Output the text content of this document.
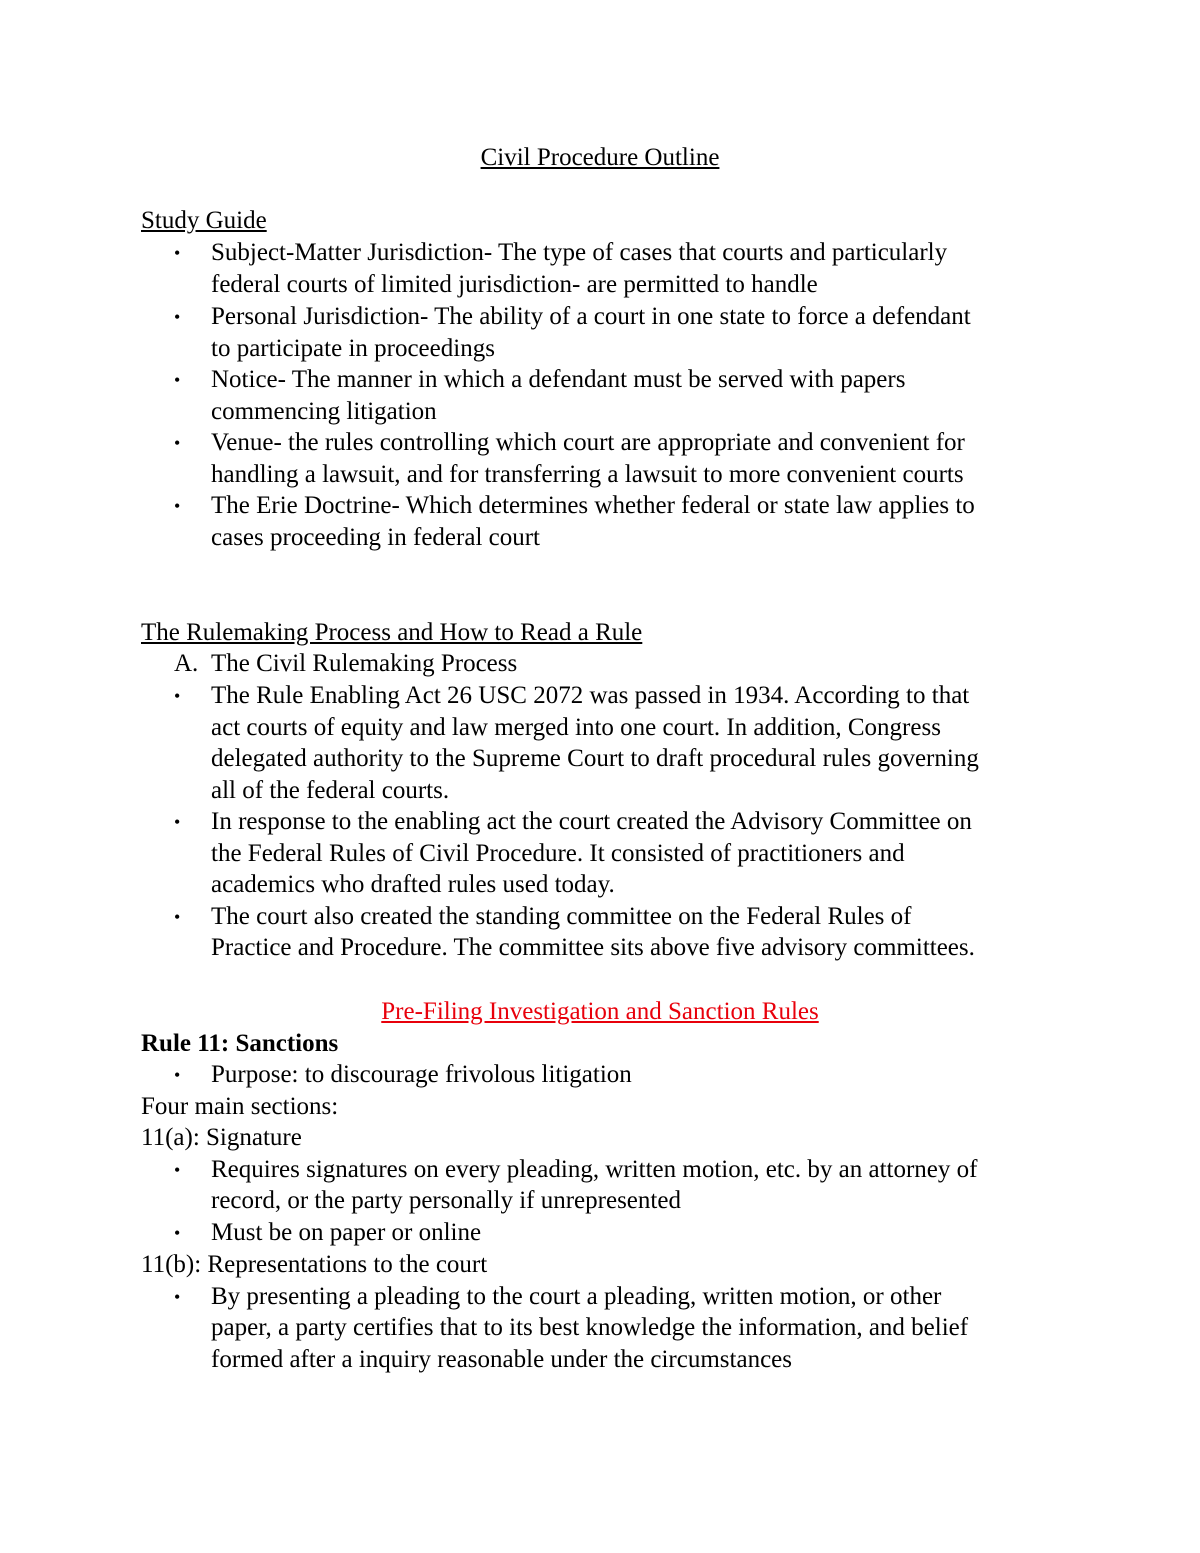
Civil Procedure Outline
Study Guide
• Subject-Matter Jurisdiction- The type of cases that courts and particularly
federal courts of limited jurisdiction- are permitted to handle
• Personal Jurisdiction- The ability of a court in one state to force a defendant
to participate in proceedings
• Notice- The manner in which a defendant must be served with papers
commencing litigation
• Venue- the rules controlling which court are appropriate and convenient for
handling a lawsuit, and for transferring a lawsuit to more convenient courts
• The Erie Doctrine- Which determines whether federal or state law applies to
cases proceeding in federal court
The Rulemaking Process and How to Read a Rule
A. The Civil Rulemaking Process
• The Rule Enabling Act 26 USC 2072 was passed in 1934. According to that
act courts of equity and law merged into one court. In addition, Congress
delegated authority to the Supreme Court to draft procedural rules governing
all of the federal courts.
• In response to the enabling act the court created the Advisory Committee on
the Federal Rules of Civil Procedure. It consisted of practitioners and
academics who drafted rules used today.
• The court also created the standing committee on the Federal Rules of
Practice and Procedure. The committee sits above five advisory committees.
Pre-Filing Investigation and Sanction Rules
Rule 11: Sanctions
• Purpose: to discourage frivolous litigation
Four main sections:
11(a): Signature
• Requires signatures on every pleading, written motion, etc. by an attorney of
record, or the party personally if unrepresented
• Must be on paper or online
11(b): Representations to the court
• By presenting a pleading to the court a pleading, written motion, or other
paper, a party certifies that to its best knowledge the information, and belief
formed after a inquiry reasonable under the circumstances
